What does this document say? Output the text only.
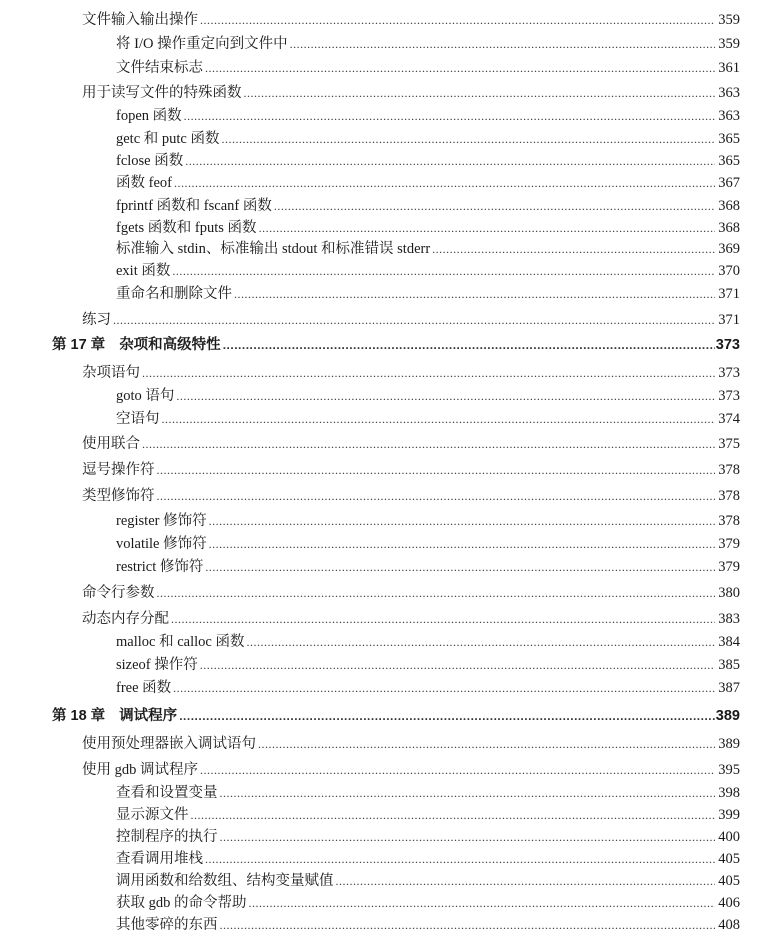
文件输入输出操作 .....	359
将 I/O 操作重定向到文件中 .....	359
文件结束标志 .....	361
用于读写文件的特殊函数 .....	363
fopen 函数 .....	363
getc 和 putc 函数 .....	365
fclose 函数 .....	365
函数 feof .....	367
fprintf 函数和 fscanf 函数 .....	368
fgets 函数和 fputs 函数 .....	368
标准输入 stdin、标准输出 stdout 和标准错误 stderr .....	369
exit 函数 .....	370
重命名和删除文件 .....	371
练习 .....	371
第 17 章 杂项和高级特性 .....	373
杂项语句 .....	373
goto 语句 .....	373
空语句 .....	374
使用联合 .....	375
逗号操作符 .....	378
类型修饰符 .....	378
register 修饰符 .....	378
volatile 修饰符 .....	379
restrict 修饰符 .....	379
命令行参数 .....	380
动态内存分配 .....	383
malloc 和 calloc 函数 .....	384
sizeof 操作符 .....	385
free 函数 .....	387
第 18 章 调试程序 .....	389
使用预处理器嵌入调试语句 .....	389
使用 gdb 调试程序 .....	395
查看和设置变量 .....	398
显示源文件 .....	399
控制程序的执行 .....	400
查看调用堆栈 .....	405
调用函数和给数组、结构变量赋值 .....	405
获取 gdb 的命令帮助 .....	406
其他零碎的东西 .....	408
